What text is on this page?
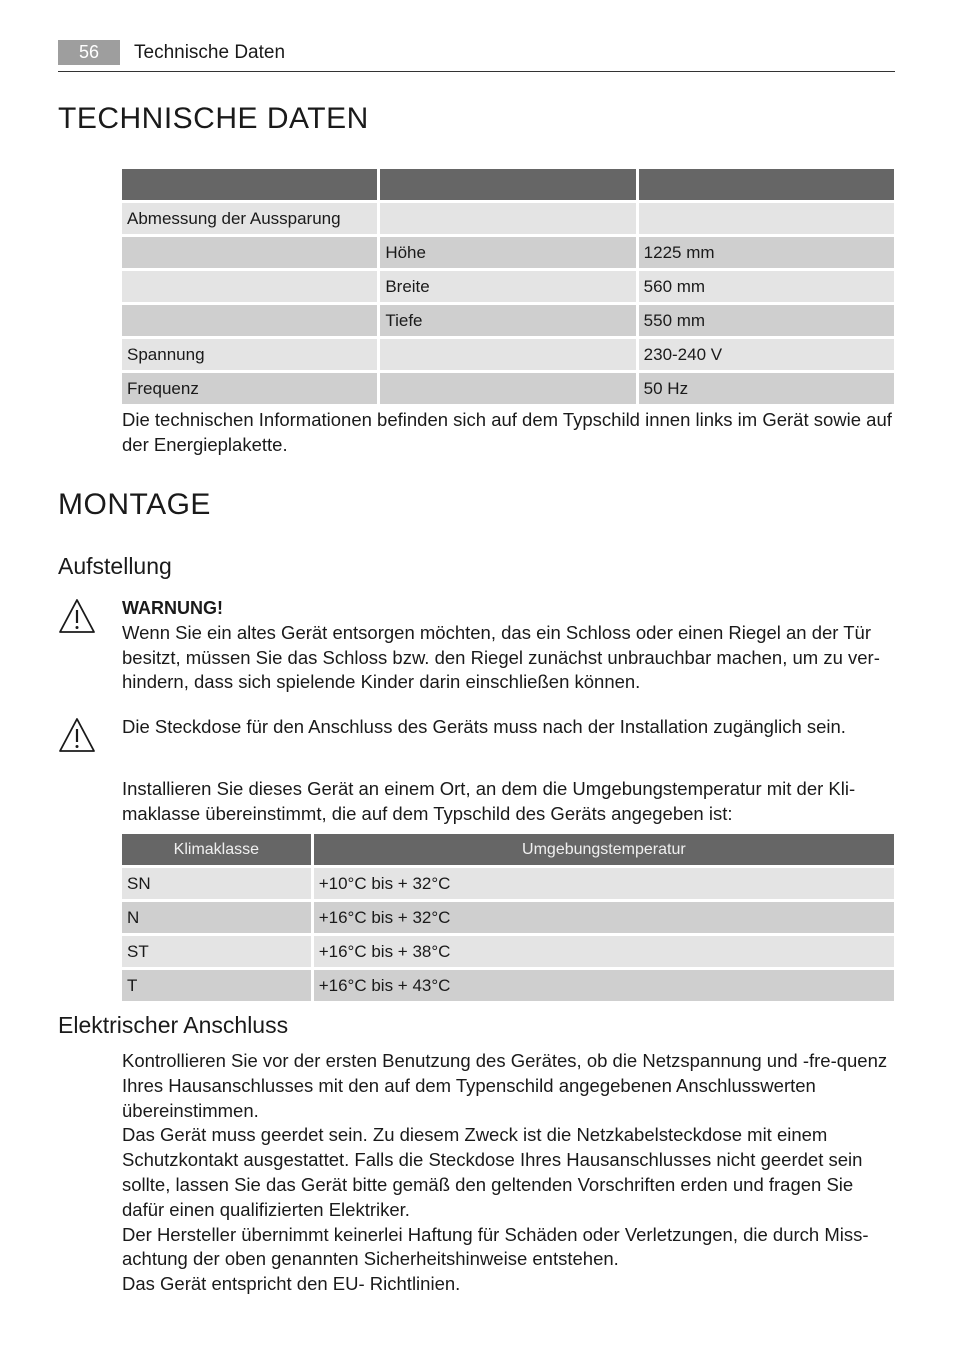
56	Technische Daten
TECHNISCHE DATEN

Abmessung der Aussparung		
	Höhe	1225 mm
	Breite	560 mm
	Tiefe	550 mm
Spannung		230-240 V
Frequenz		50 Hz

Die technischen Informationen befinden sich auf dem Typschild innen links im Gerät sowie auf der Energieplakette.

MONTAGE
Aufstellung

WARNUNG!
Wenn Sie ein altes Gerät entsorgen möchten, das ein Schloss oder einen Riegel an der Tür besitzt, müssen Sie das Schloss bzw. den Riegel zunächst unbrauchbar machen, um zu ver-hindern, dass sich spielende Kinder darin einschließen können.

Die Steckdose für den Anschluss des Geräts muss nach der Installation zugänglich sein.

Installieren Sie dieses Gerät an einem Ort, an dem die Umgebungstemperatur mit der Kli-maklasse übereinstimmt, die auf dem Typschild des Geräts angegeben ist:

Klimaklasse	Umgebungstemperatur
SN	+10°C bis + 32°C
N	+16°C bis + 32°C
ST	+16°C bis + 38°C
T	+16°C bis + 43°C
Elektrischer Anschluss
Kontrollieren Sie vor der ersten Benutzung des Gerätes, ob die Netzspannung und -fre-quenz Ihres Hausanschlusses mit den auf dem Typenschild angegebenen Anschlusswerten übereinstimmen.
Das Gerät muss geerdet sein. Zu diesem Zweck ist die Netzkabelsteckdose mit einem Schutzkontakt ausgestattet. Falls die Steckdose Ihres Hausanschlusses nicht geerdet sein sollte, lassen Sie das Gerät bitte gemäß den geltenden Vorschriften erden und fragen Sie dafür einen qualifizierten Elektriker.
Der Hersteller übernimmt keinerlei Haftung für Schäden oder Verletzungen, die durch Miss-achtung der oben genannten Sicherheitshinweise entstehen.
Das Gerät entspricht den EU- Richtlinien.
